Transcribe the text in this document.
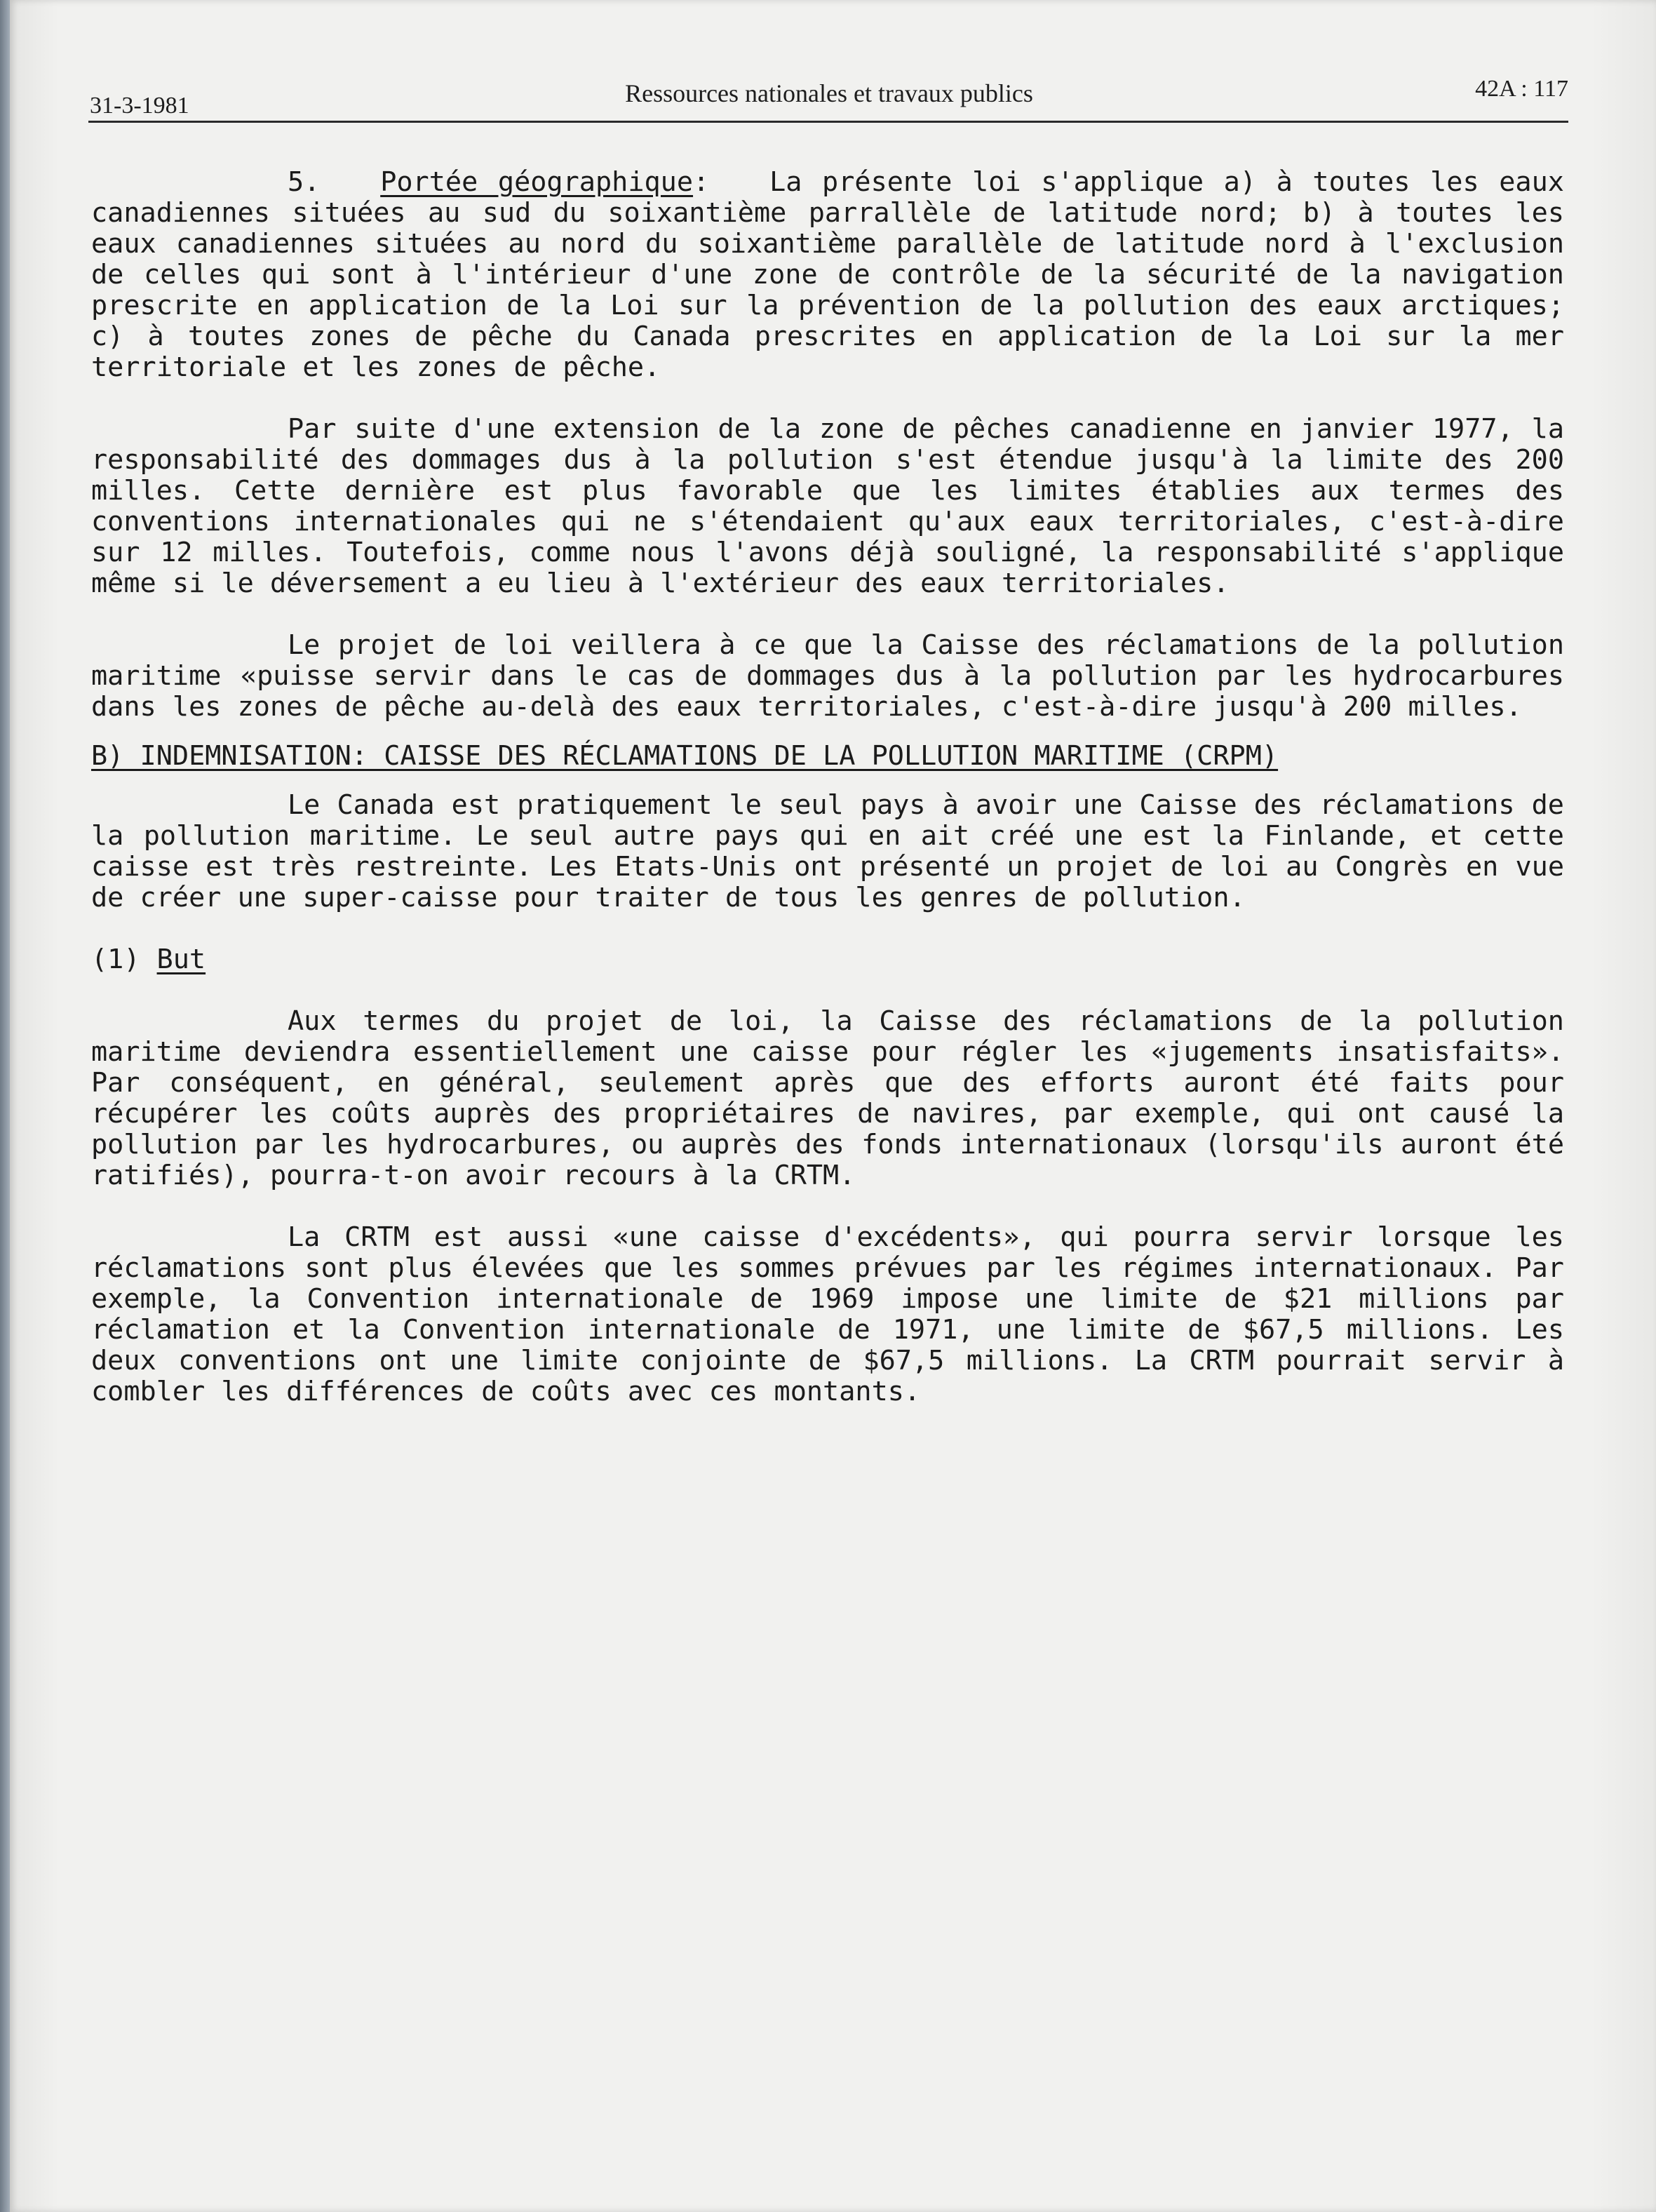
31-3-1981	Ressources nationales et travaux publics	42A : 117

5. Portée géographique: La présente loi s'applique a) à toutes les eaux canadiennes situées au sud du soixantième parrallèle de latitude nord; b) à toutes les eaux canadiennes situées au nord du soixantième parallèle de latitude nord à l'exclusion de celles qui sont à l'intérieur d'une zone de contrôle de la sécurité de la navigation prescrite en application de la Loi sur la prévention de la pollution des eaux arctiques; c) à toutes zones de pêche du Canada prescrites en application de la Loi sur la mer territoriale et les zones de pêche.

Par suite d'une extension de la zone de pêches canadienne en janvier 1977, la responsabilité des dommages dus à la pollution s'est étendue jusqu'à la limite des 200 milles. Cette dernière est plus favorable que les limites établies aux termes des conventions internationales qui ne s'étendaient qu'aux eaux territoriales, c'est-à-dire sur 12 milles. Toutefois, comme nous l'avons déjà souligné, la responsabilité s'applique même si le déversement a eu lieu à l'extérieur des eaux territoriales.

Le projet de loi veillera à ce que la Caisse des réclamations de la pollution maritime «puisse servir dans le cas de dommages dus à la pollution par les hydrocarbures dans les zones de pêche au-delà des eaux territoriales, c'est-à-dire jusqu'à 200 milles.

B) INDEMNISATION: CAISSE DES RÉCLAMATIONS DE LA POLLUTION MARITIME (CRPM)

Le Canada est pratiquement le seul pays à avoir une Caisse des réclamations de la pollution maritime. Le seul autre pays qui en ait créé une est la Finlande, et cette caisse est très restreinte. Les Etats-Unis ont présenté un projet de loi au Congrès en vue de créer une super-caisse pour traiter de tous les genres de pollution.

(1) But

Aux termes du projet de loi, la Caisse des réclamations de la pollution maritime deviendra essentiellement une caisse pour régler les «jugements insatisfaits». Par conséquent, en général, seulement après que des efforts auront été faits pour récupérer les coûts auprès des propriétaires de navires, par exemple, qui ont causé la pollution par les hydrocarbures, ou auprès des fonds internationaux (lorsqu'ils auront été ratifiés), pourra-t-on avoir recours à la CRTM.

La CRTM est aussi «une caisse d'excédents», qui pourra servir lorsque les réclamations sont plus élevées que les sommes prévues par les régimes internationaux. Par exemple, la Convention internationale de 1969 impose une limite de $21 millions par réclamation et la Convention internationale de 1971, une limite de $67,5 millions. Les deux conventions ont une limite conjointe de $67,5 millions. La CRTM pourrait servir à combler les différences de coûts avec ces montants.
